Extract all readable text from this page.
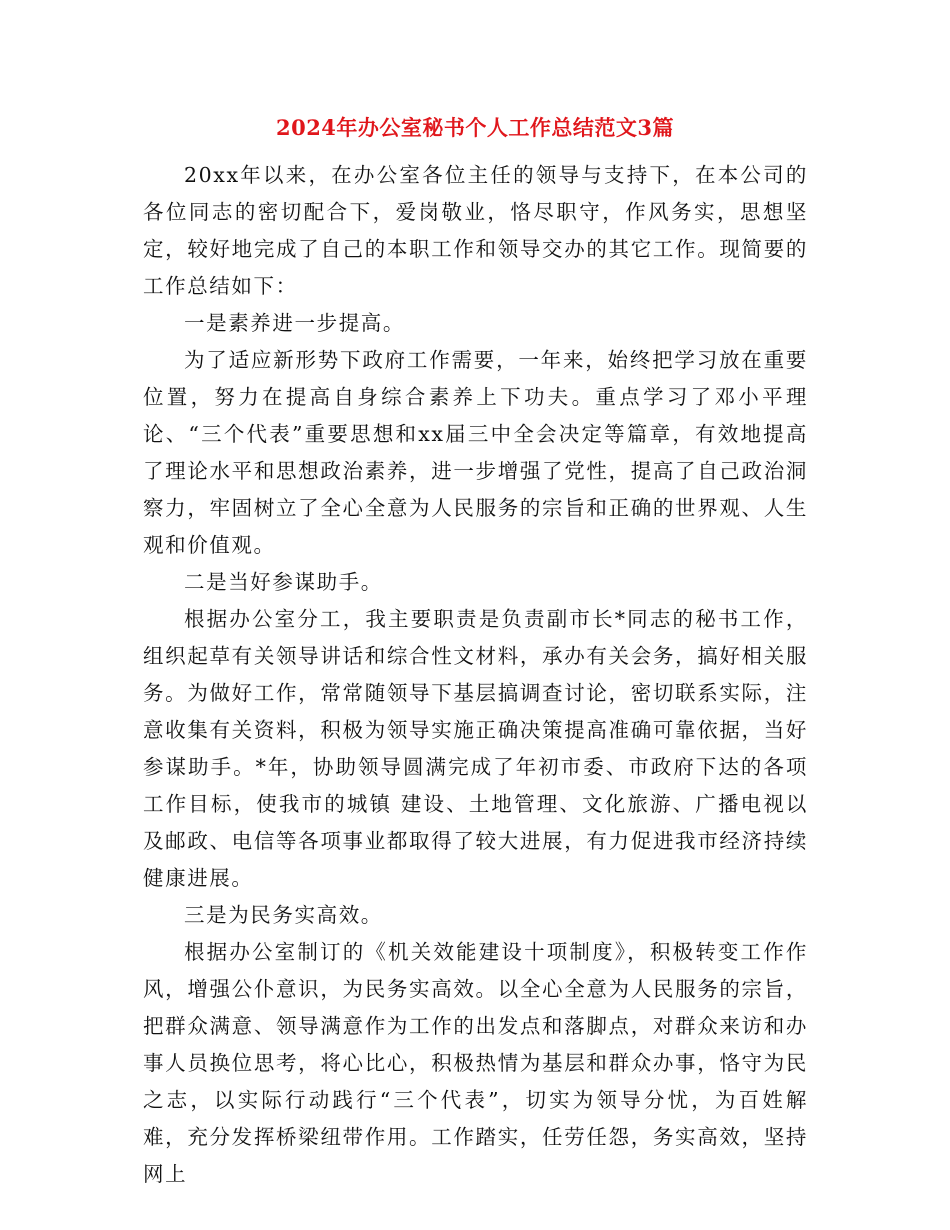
2024年办公室秘书个人工作总结范文3篇

20xx年以来，在办公室各位主任的领导与支持下，在本公司的各位同志的密切配合下，爱岗敬业，恪尽职守，作风务实，思想坚定，较好地完成了自己的本职工作和领导交办的其它工作。现简要的工作总结如下：

一是素养进一步提高。

为了适应新形势下政府工作需要，一年来，始终把学习放在重要位置，努力在提高自身综合素养上下功夫。重点学习了邓小平理论、“三个代表”重要思想和xx届三中全会决定等篇章，有效地提高了理论水平和思想政治素养，进一步增强了党性，提高了自己政治洞察力，牢固树立了全心全意为人民服务的宗旨和正确的世界观、人生观和价值观。

二是当好参谋助手。

根据办公室分工，我主要职责是负责副市长*同志的秘书工作，组织起草有关领导讲话和综合性文材料，承办有关会务，搞好相关服务。为做好工作，常常随领导下基层搞调查讨论，密切联系实际，注意收集有关资料，积极为领导实施正确决策提高准确可靠依据，当好参谋助手。*年，协助领导圆满完成了年初市委、市政府下达的各项工作目标，使我市的城镇 建设、土地管理、文化旅游、广播电视以及邮政、电信等各项事业都取得了较大进展，有力促进我市经济持续健康进展。

三是为民务实高效。

根据办公室制订的《机关效能建设十项制度》，积极转变工作作风，增强公仆意识，为民务实高效。以全心全意为人民服务的宗旨，把群众满意、领导满意作为工作的出发点和落脚点，对群众来访和办事人员换位思考，将心比心，积极热情为基层和群众办事，恪守为民之志，以实际行动践行“三个代表”，切实为领导分忧，为百姓解难，充分发挥桥梁纽带作用。工作踏实，任劳任怨，务实高效，坚持网上
